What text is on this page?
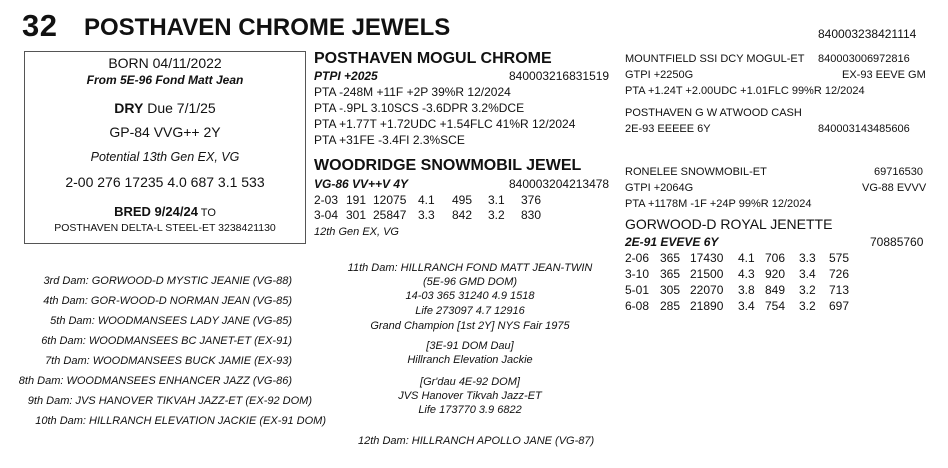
32 POSTHAVEN CHROME JEWELS	840003238421114
BORN 04/11/2022
From 5E-96 Fond Matt Jean
DRY Due 7/1/25
GP-84 VVG++ 2Y
Potential 13th Gen EX, VG
2-00 276 17235 4.0 687 3.1 533
BRED 9/24/24 TO
POSTHAVEN DELTA-L STEEL-ET 3238421130
POSTHAVEN MOGUL CHROME
PTPI +2025	840003216831519
PTA -248M +11F +2P 39%R 12/2024
PTA -.9PL 3.10SCS -3.6DPR 3.2%DCE
PTA +1.77T +1.72UDC +1.54FLC 41%R 12/2024
PTA +31FE -3.4FI 2.3%SCE
WOODRIDGE SNOWMOBIL JEWEL
VG-86 VV++V 4Y	840003204213478
2-03 191 12075 4.1	495	3.1	376
3-04 301 25847 3.3	842	3.2	830
12th Gen EX, VG
MOUNTFIELD SSI DCY MOGUL-ET 840003006972816
GTPI +2250G	EX-93 EEVE GM
PTA +1.24T +2.00UDC +1.01FLC 99%R 12/2024
POSTHAVEN G W ATWOOD CASH
2E-93 EEEEE 6Y	840003143485606
RONELEE SNOWMOBIL-ET	69716530
GTPI +2064G	VG-88 EVVV
PTA +1178M -1F +24P 99%R 12/2024
GORWOOD-D ROYAL JENETTE
2E-91 EVEVE 6Y	70885760
2-06 365 17430	4.1 706	3.3	575
3-10 365 21500	4.3 920	3.4	726
5-01 305 22070	3.8 849	3.2	713
6-08 285 21890	3.4 754	3.2	697
3rd Dam: GORWOOD-D MYSTIC JEANIE (VG-88)
4th Dam: GOR-WOOD-D NORMAN JEAN (VG-85)
5th Dam: WOODMANSEES LADY JANE (VG-85)
6th Dam: WOODMANSEES BC JANET-ET (EX-91)
7th Dam: WOODMANSEES BUCK JAMIE (EX-93)
8th Dam: WOODMANSEES ENHANCER JAZZ (VG-86)
9th Dam: JVS HANOVER TIKVAH JAZZ-ET (EX-92 DOM)
10th Dam: HILLRANCH ELEVATION JACKIE (EX-91 DOM)
11th Dam: HILLRANCH FOND MATT JEAN-TWIN
(5E-96 GMD DOM)
14-03 365 31240 4.9 1518
Life 273097 4.7 12916
Grand Champion [1st 2Y] NYS Fair 1975
[3E-91 DOM Dau]
Hillranch Elevation Jackie
[Gr'dau 4E-92 DOM]
JVS Hanover Tikvah Jazz-ET
Life 173770 3.9 6822
12th Dam: HILLRANCH APOLLO JANE (VG-87)
